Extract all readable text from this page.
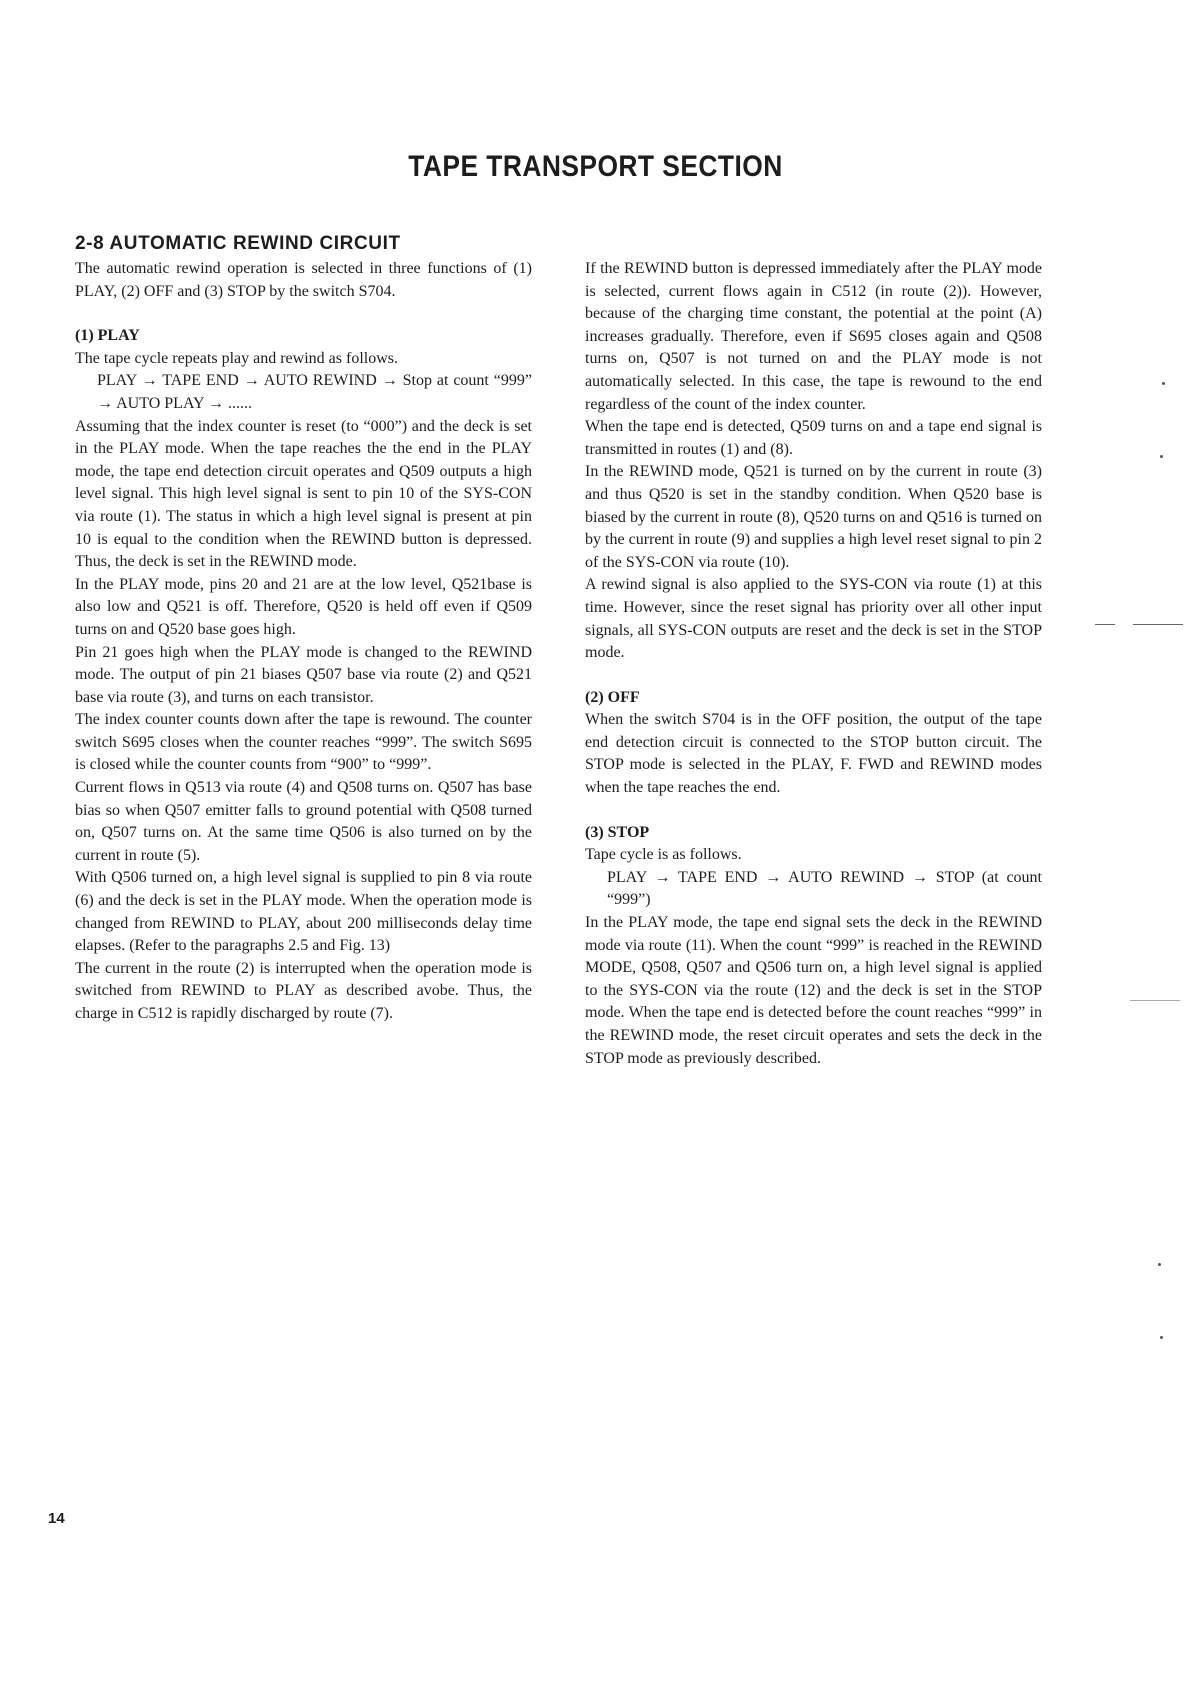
TAPE TRANSPORT SECTION
2-8 AUTOMATIC REWIND CIRCUIT

The automatic rewind operation is selected in three functions of (1) PLAY, (2) OFF and (3) STOP by the switch S704.

(1) PLAY

The tape cycle repeats play and rewind as follows.

PLAY → TAPE END → AUTO REWIND → Stop at count “999” → AUTO PLAY → ......

Assuming that the index counter is reset (to “000”) and the deck is set in the PLAY mode. When the tape reaches the the end in the PLAY mode, the tape end detection circuit operates and Q509 outputs a high level signal. This high level signal is sent to pin 10 of the SYS-CON via route (1). The status in which a high level signal is present at pin 10 is equal to the condition when the REWIND button is depressed. Thus, the deck is set in the REWIND mode.

In the PLAY mode, pins 20 and 21 are at the low level, Q521base is also low and Q521 is off. Therefore, Q520 is held off even if Q509 turns on and Q520 base goes high.

Pin 21 goes high when the PLAY mode is changed to the REWIND mode. The output of pin 21 biases Q507 base via route (2) and Q521 base via route (3), and turns on each transistor.

The index counter counts down after the tape is rewound. The counter switch S695 closes when the counter reaches “999”. The switch S695 is closed while the counter counts from “900” to “999”.

Current flows in Q513 via route (4) and Q508 turns on. Q507 has base bias so when Q507 emitter falls to ground potential with Q508 turned on, Q507 turns on. At the same time Q506 is also turned on by the current in route (5).

With Q506 turned on, a high level signal is supplied to pin 8 via route (6) and the deck is set in the PLAY mode. When the operation mode is changed from REWIND to PLAY, about 200 milliseconds delay time elapses. (Refer to the paragraphs 2.5 and Fig. 13)

The current in the route (2) is interrupted when the operation mode is switched from REWIND to PLAY as described avobe. Thus, the charge in C512 is rapidly discharged by route (7).

If the REWIND button is depressed immediately after the PLAY mode is selected, current flows again in C512 (in route (2)). However, because of the charging time constant, the potential at the point (A) increases gradually. Therefore, even if S695 closes again and Q508 turns on, Q507 is not turned on and the PLAY mode is not automatically selected. In this case, the tape is rewound to the end regardless of the count of the index counter.

When the tape end is detected, Q509 turns on and a tape end signal is transmitted in routes (1) and (8).

In the REWIND mode, Q521 is turned on by the current in route (3) and thus Q520 is set in the standby condition. When Q520 base is biased by the current in route (8), Q520 turns on and Q516 is turned on by the current in route (9) and supplies a high level reset signal to pin 2 of the SYS-CON via route (10).

A rewind signal is also applied to the SYS-CON via route (1) at this time. However, since the reset signal has priority over all other input signals, all SYS-CON outputs are reset and the deck is set in the STOP mode.

(2) OFF

When the switch S704 is in the OFF position, the output of the tape end detection circuit is connected to the STOP button circuit. The STOP mode is selected in the PLAY, F. FWD and REWIND modes when the tape reaches the end.

(3) STOP

Tape cycle is as follows.

PLAY → TAPE END → AUTO REWIND → STOP (at count “999”)

In the PLAY mode, the tape end signal sets the deck in the REWIND mode via route (11). When the count “999” is reached in the REWIND MODE, Q508, Q507 and Q506 turn on, a high level signal is applied to the SYS-CON via the route (12) and the deck is set in the STOP mode. When the tape end is detected before the count reaches “999” in the REWIND mode, the reset circuit operates and sets the deck in the STOP mode as previously described.

14
